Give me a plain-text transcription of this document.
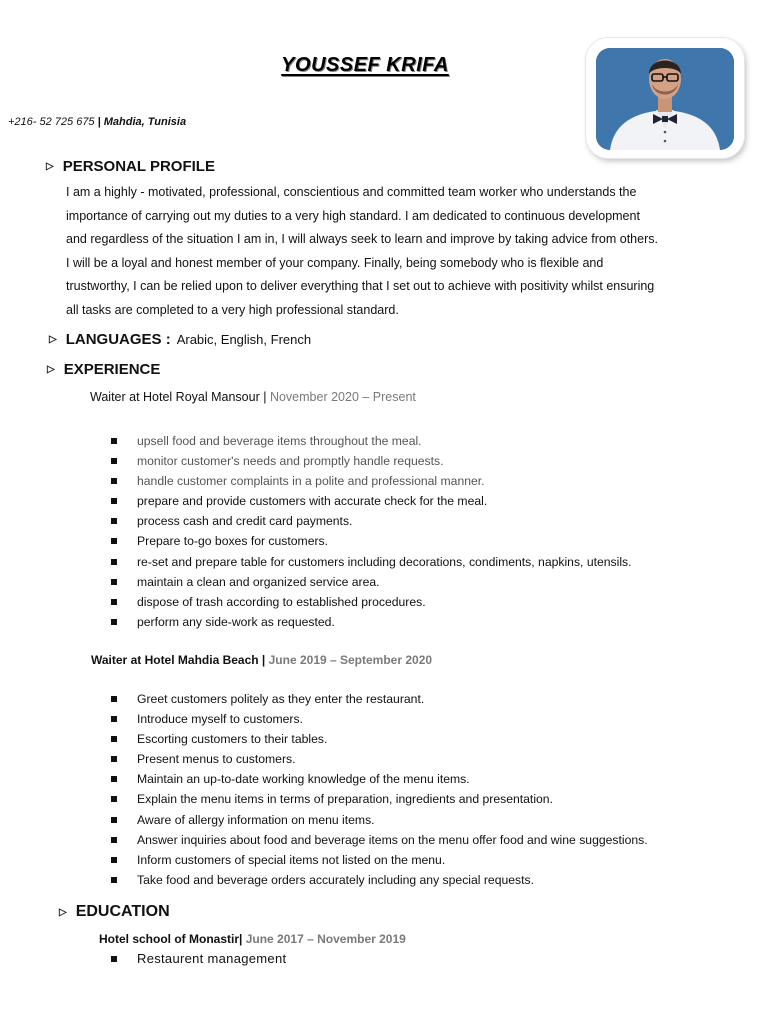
YOUSSEF KRIFA
+216- 52 725 675 | Mahdia, Tunisia
▷ PERSONAL PROFILE
I am a highly - motivated, professional, conscientious and committed team worker who understands the
importance of carrying out my duties to a very high standard. I am dedicated to continuous development
and regardless of the situation I am in, I will always seek to learn and improve by taking advice from others.
I will be a loyal and honest member of your company. Finally, being somebody who is flexible and
trustworthy, I can be relied upon to deliver everything that I set out to achieve with positivity whilst ensuring
all tasks are completed to a very high professional standard.
▷ LANGUAGES : Arabic, English, French
▷ EXPERIENCE
Waiter at Hotel Royal Mansour | November 2020 – Present
upsell food and beverage items throughout the meal.
monitor customer's needs and promptly handle requests.
handle customer complaints in a polite and professional manner.
prepare and provide customers with accurate check for the meal.
process cash and credit card payments.
Prepare to-go boxes for customers.
re-set and prepare table for customers including decorations, condiments, napkins, utensils.
maintain a clean and organized service area.
dispose of trash according to established procedures.
perform any side-work as requested.
Waiter at Hotel Mahdia Beach | June 2019 – September 2020
Greet customers politely as they enter the restaurant.
Introduce myself to customers.
Escorting customers to their tables.
Present menus to customers.
Maintain an up-to-date working knowledge of the menu items.
Explain the menu items in terms of preparation, ingredients and presentation.
Aware of allergy information on menu items.
Answer inquiries about food and beverage items on the menu offer food and wine suggestions.
Inform customers of special items not listed on the menu.
Take food and beverage orders accurately including any special requests.
▷ EDUCATION
Hotel school of Monastir| June 2017 – November 2019
Restaurent management
